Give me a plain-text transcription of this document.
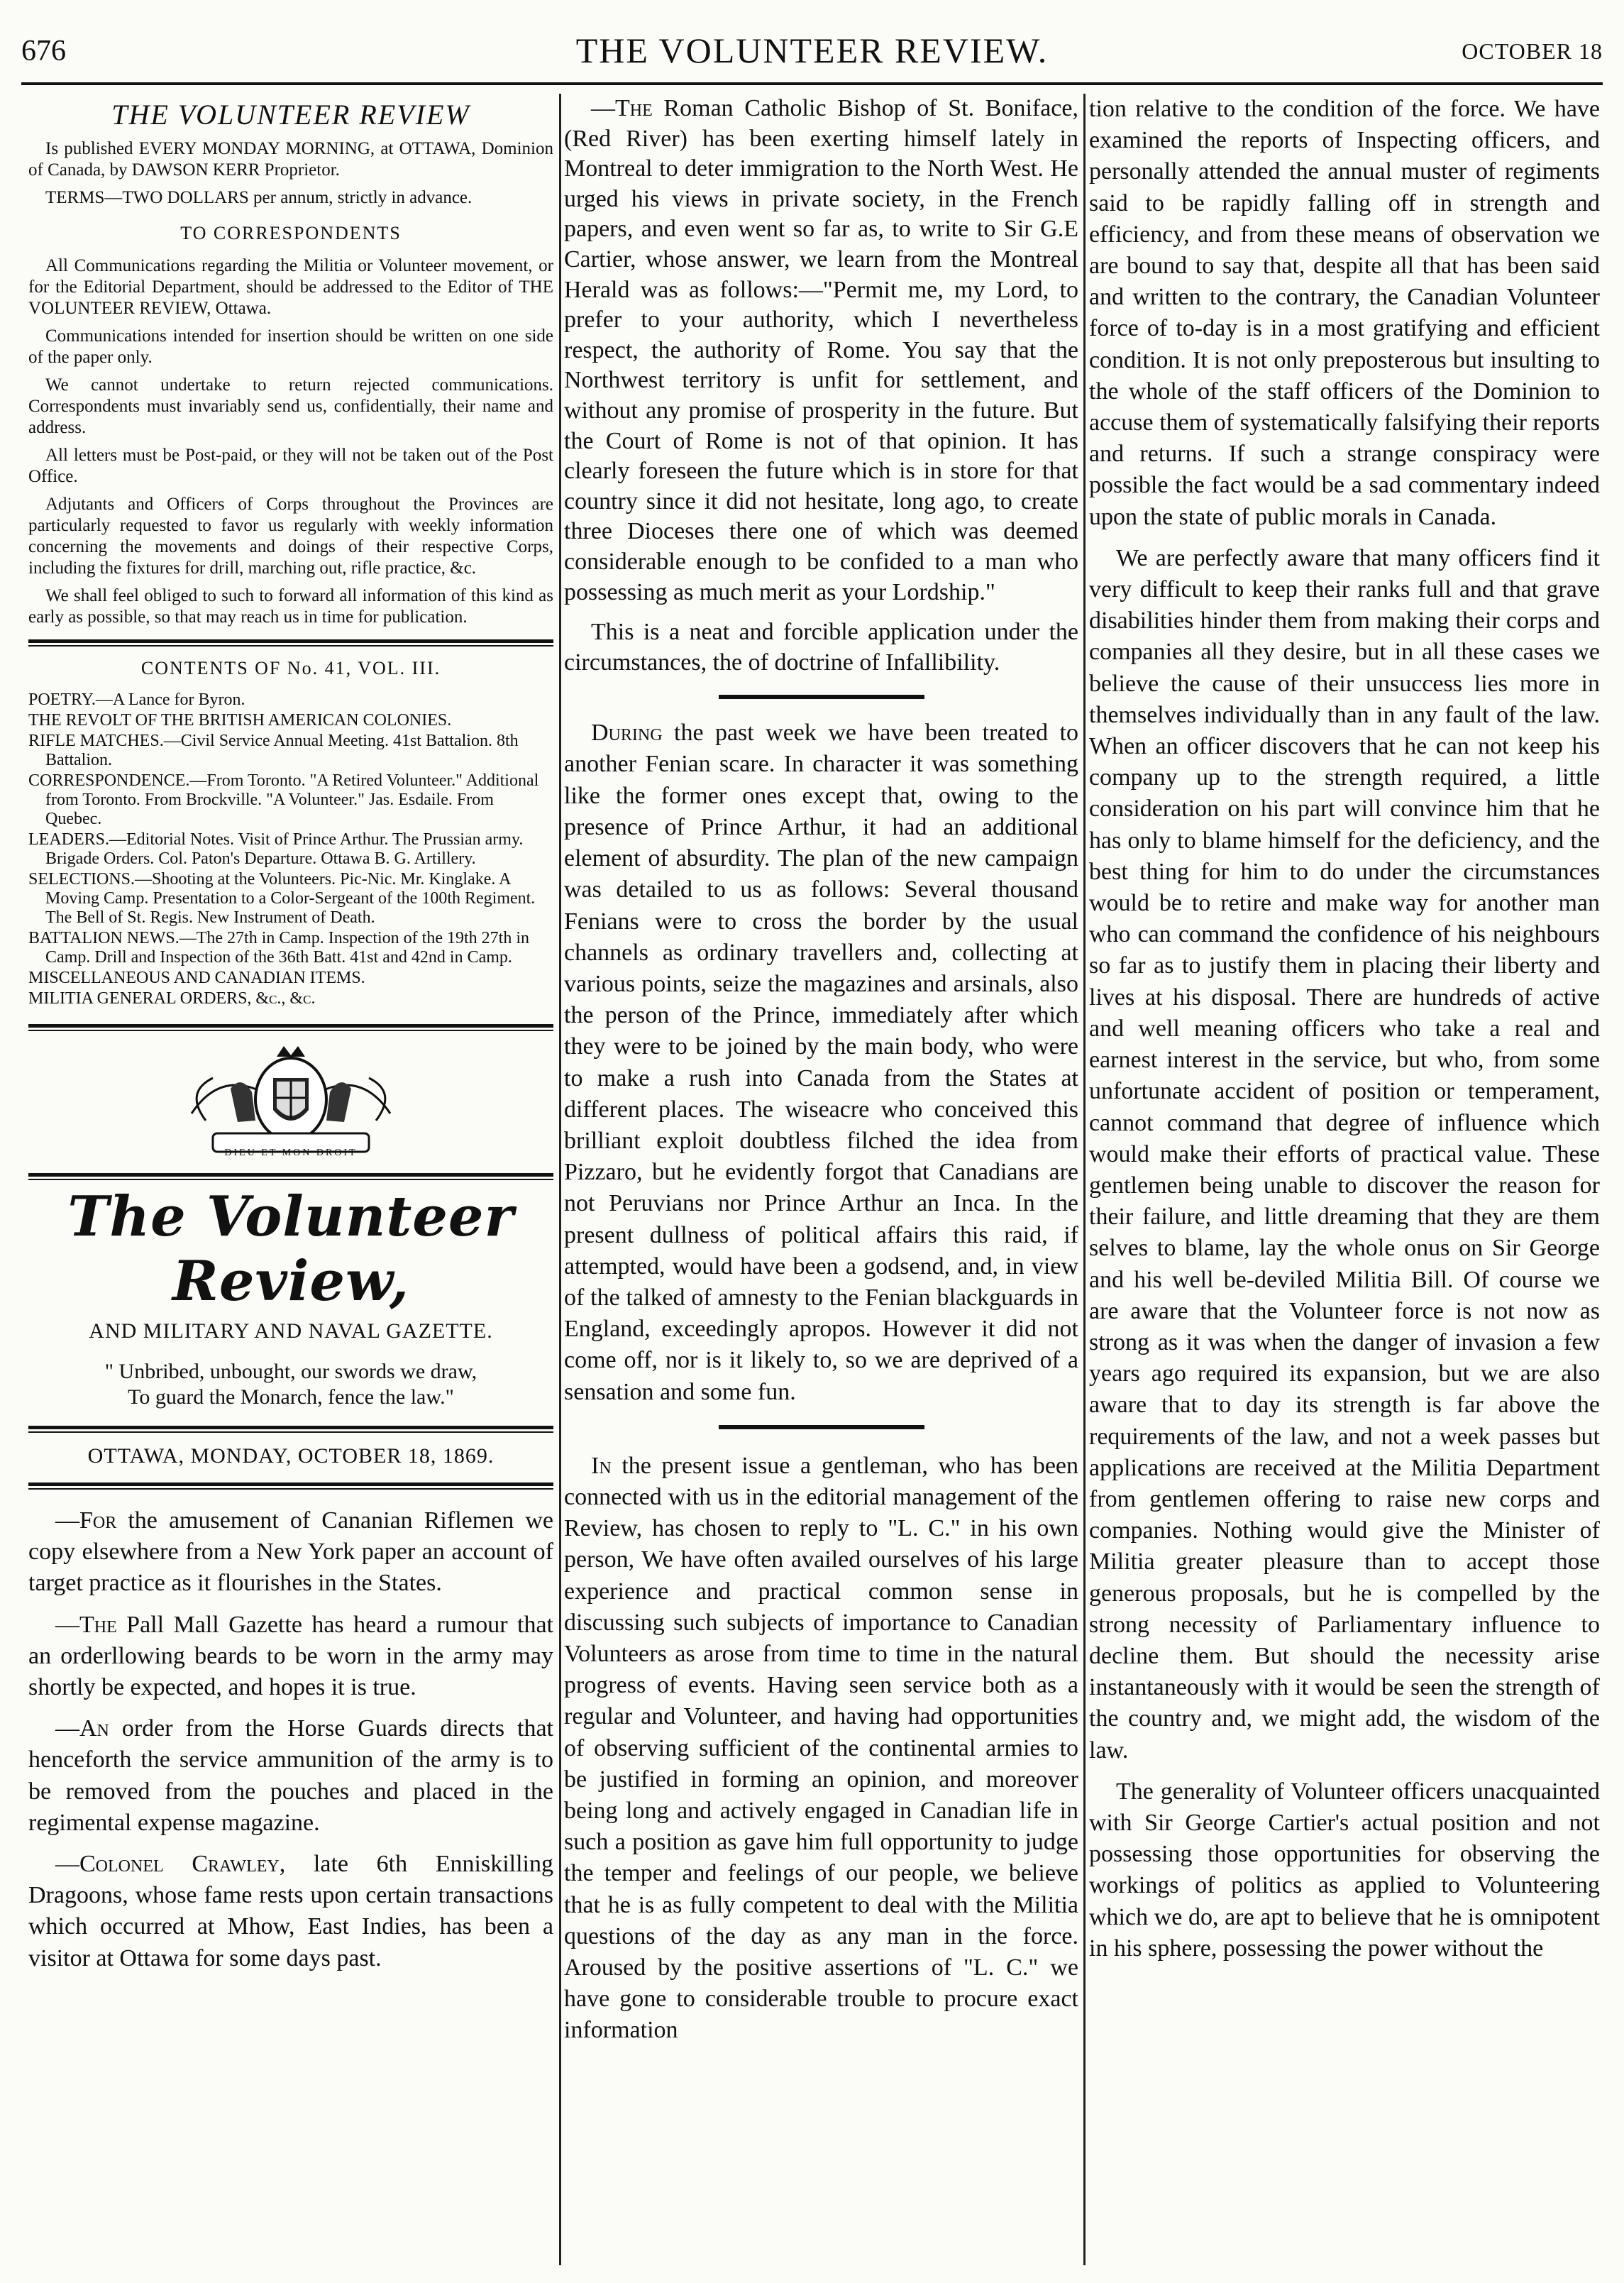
676	THE VOLUNTEER REVIEW.	OCTOBER 18
THE VOLUNTEER REVIEW

Is published EVERY MONDAY MORNING, at OTTAWA, Dominion of Canada, by DAWSON KERR Proprietor.

TERMS—TWO DOLLARS per annum, strictly in advance.

TO CORRESPONDENTS

All Communications regarding the Militia or Volunteer movement, or for the Editorial Department, should be addressed to the Editor of THE VOLUNTEER REVIEW, Ottawa.

Communications intended for insertion should be written on one side of the paper only.

We cannot undertake to return rejected communications. Correspondents must invariably send us, confidentially, their name and address.

All letters must be Post-paid, or they will not be taken out of the Post Office.

Adjutants and Officers of Corps throughout the Provinces are particularly requested to favor us regularly with weekly information concerning the movements and doings of their respective Corps, including the fixtures for drill, marching out, rifle practice, &c.

We shall feel obliged to such to forward all information of this kind as early as possible, so that may reach us in time for publication.

CONTENTS OF No. 41, VOL. III.
POETRY.—A Lance for Byron.
THE REVOLT OF THE BRITISH AMERICAN COLONIES.
RIFLE MATCHES.—Civil Service Annual Meeting. 41st Battalion. 8th Battalion.
CORRESPONDENCE.—From Toronto. "A Retired Volunteer." Additional from Toronto. From Brockville. "A Volunteer." Jas. Esdaile. From Quebec.
LEADERS.—Editorial Notes. Visit of Prince Arthur. The Prussian army. Brigade Orders. Col. Paton's Departure. Ottawa B. G. Artillery.
SELECTIONS.—Shooting at the Volunteers. Pic-Nic. Mr. Kinglake. A Moving Camp. Presentation to a Color-Sergeant of the 100th Regiment. The Bell of St. Regis. New Instrument of Death.
BATTALION NEWS.—The 27th in Camp. Inspection of the 19th 27th in Camp. Drill and Inspection of the 36th Batt. 41st and 42nd in Camp.
MISCELLANEOUS AND CANADIAN ITEMS.
MILITIA GENERAL ORDERS, &c., &c.
DIEU ET MON DROIT
The Volunteer Review,
AND MILITARY AND NAVAL GAZETTE.
" Unbribed, unbought, our swords we draw,
To guard the Monarch, fence the law."
OTTAWA, MONDAY, OCTOBER 18, 1869.

—For the amusement of Cananian Riflemen we copy elsewhere from a New York paper an account of target practice as it flourishes in the States.

—The Pall Mall Gazette has heard a rumour that an orderllowing beards to be worn in the army may shortly be expected, and hopes it is true.

—An order from the Horse Guards directs that henceforth the service ammunition of the army is to be removed from the pouches and placed in the regimental expense magazine.

—Colonel Crawley, late 6th Enniskilling Dragoons, whose fame rests upon certain transactions which occurred at Mhow, East Indies, has been a visitor at Ottawa for some days past.

—The Roman Catholic Bishop of St. Boniface, (Red River) has been exerting himself lately in Montreal to deter immigration to the North West. He urged his views in private society, in the French papers, and even went so far as, to write to Sir G.E Cartier, whose answer, we learn from the Montreal Herald was as follows:—"Permit me, my Lord, to prefer to your authority, which I nevertheless respect, the authority of Rome. You say that the Northwest territory is unfit for settlement, and without any promise of prosperity in the future. But the Court of Rome is not of that opinion. It has clearly foreseen the future which is in store for that country since it did not hesitate, long ago, to create three Dioceses there one of which was deemed considerable enough to be confided to a man who possessing as much merit as your Lordship."

This is a neat and forcible application under the circumstances, the of doctrine of Infallibility.

During the past week we have been treated to another Fenian scare. In character it was something like the former ones except that, owing to the presence of Prince Arthur, it had an additional element of absurdity. The plan of the new campaign was detailed to us as follows: Several thousand Fenians were to cross the border by the usual channels as ordinary travellers and, collecting at various points, seize the magazines and arsinals, also the person of the Prince, immediately after which they were to be joined by the main body, who were to make a rush into Canada from the States at different places. The wiseacre who conceived this brilliant exploit doubtless filched the idea from Pizzaro, but he evidently forgot that Canadians are not Peruvians nor Prince Arthur an Inca. In the present dullness of political affairs this raid, if attempted, would have been a godsend, and, in view of the talked of amnesty to the Fenian blackguards in England, exceedingly apropos. However it did not come off, nor is it likely to, so we are deprived of a sensation and some fun.

In the present issue a gentleman, who has been connected with us in the editorial management of the Review, has chosen to reply to "L. C." in his own person, We have often availed ourselves of his large experience and practical common sense in discussing such subjects of importance to Canadian Volunteers as arose from time to time in the natural progress of events. Having seen service both as a regular and Volunteer, and having had opportunities of observing sufficient of the continental armies to be justified in forming an opinion, and moreover being long and actively engaged in Canadian life in such a position as gave him full opportunity to judge the temper and feelings of our people, we believe that he is as fully competent to deal with the Militia questions of the day as any man in the force. Aroused by the positive assertions of "L. C." we have gone to considerable trouble to procure exact information

tion relative to the condition of the force. We have examined the reports of Inspecting officers, and personally attended the annual muster of regiments said to be rapidly falling off in strength and efficiency, and from these means of observation we are bound to say that, despite all that has been said and written to the contrary, the Canadian Volunteer force of to-day is in a most gratifying and efficient condition. It is not only preposterous but insulting to the whole of the staff officers of the Dominion to accuse them of systematically falsifying their reports and returns. If such a strange conspiracy were possible the fact would be a sad commentary indeed upon the state of public morals in Canada.

We are perfectly aware that many officers find it very difficult to keep their ranks full and that grave disabilities hinder them from making their corps and companies all they desire, but in all these cases we believe the cause of their unsuccess lies more in themselves individually than in any fault of the law. When an officer discovers that he can not keep his company up to the strength required, a little consideration on his part will convince him that he has only to blame himself for the deficiency, and the best thing for him to do under the circumstances would be to retire and make way for another man who can command the confidence of his neighbours so far as to justify them in placing their liberty and lives at his disposal. There are hundreds of active and well meaning officers who take a real and earnest interest in the service, but who, from some unfortunate accident of position or temperament, cannot command that degree of influence which would make their efforts of practical value. These gentlemen being unable to discover the reason for their failure, and little dreaming that they are them selves to blame, lay the whole onus on Sir George and his well be-deviled Militia Bill. Of course we are aware that the Volunteer force is not now as strong as it was when the danger of invasion a few years ago required its expansion, but we are also aware that to day its strength is far above the requirements of the law, and not a week passes but applications are received at the Militia Department from gentlemen offering to raise new corps and companies. Nothing would give the Minister of Militia greater pleasure than to accept those generous proposals, but he is compelled by the strong necessity of Parliamentary influence to decline them. But should the necessity arise instantaneously with it would be seen the strength of the country and, we might add, the wisdom of the law.

The generality of Volunteer officers unacquainted with Sir George Cartier's actual position and not possessing those opportunities for observing the workings of politics as applied to Volunteering which we do, are apt to believe that he is omnipotent in his sphere, possessing the power without the
